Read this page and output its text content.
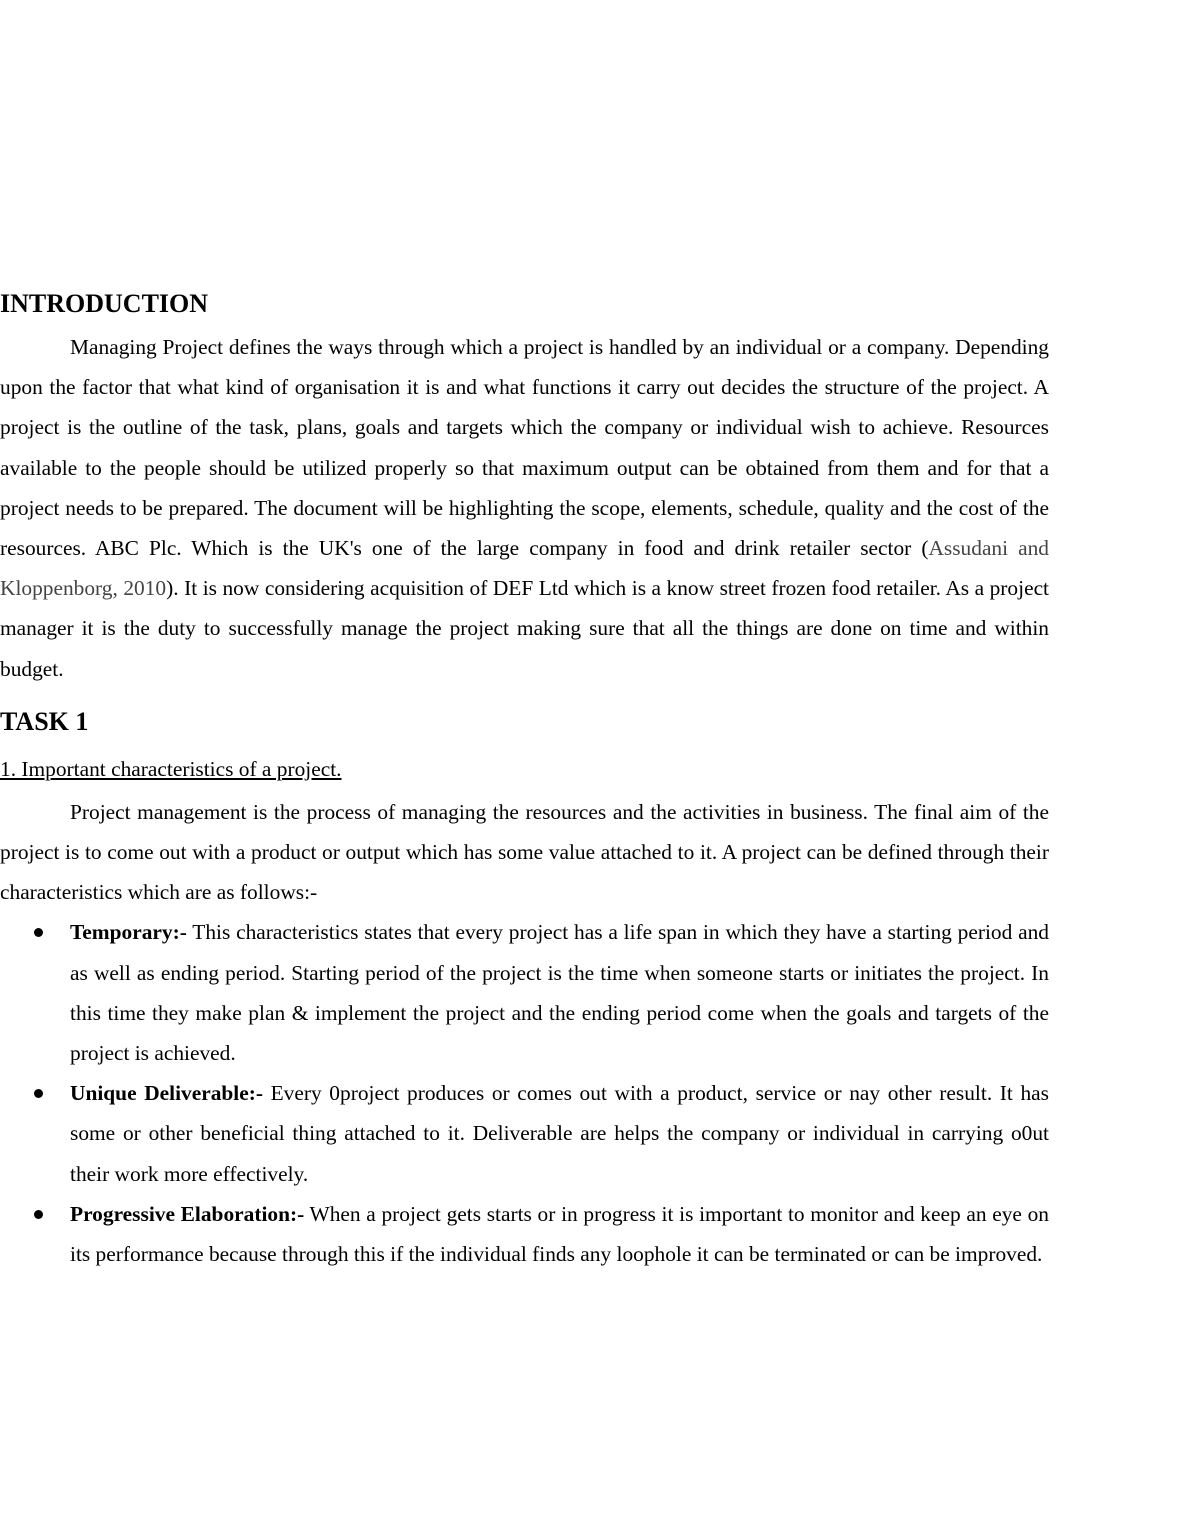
INTRODUCTION

Managing Project defines the ways through which a project is handled by an individual or a company. Depending upon the factor that what kind of organisation it is and what functions it carry out decides the structure of the project. A project is the outline of the task, plans, goals and targets which the company or individual wish to achieve. Resources available to the people should be utilized properly so that maximum output can be obtained from them and for that a project needs to be prepared. The document will be highlighting the scope, elements, schedule, quality and the cost of the resources. ABC Plc. Which is the UK's one of the large company in food and drink retailer sector (Assudani and Kloppenborg, 2010). It is now considering acquisition of DEF Ltd which is a know street frozen food retailer. As a project manager it is the duty to successfully manage the project making sure that all the things are done on time and within budget.

TASK 1

1. Important characteristics of a project.

Project management is the process of managing the resources and the activities in business. The final aim of the project is to come out with a product or output which has some value attached to it. A project can be defined through their characteristics which are as follows:-

Temporary:- This characteristics states that every project has a life span in which they have a starting period and as well as ending period. Starting period of the project is the time when someone starts or initiates the project. In this time they make plan & implement the project and the ending period come when the goals and targets of the project is achieved.
Unique Deliverable:- Every 0project produces or comes out with a product, service or nay other result. It has some or other beneficial thing attached to it. Deliverable are helps the company or individual in carrying o0ut their work more effectively.
Progressive Elaboration:- When a project gets starts or in progress it is important to monitor and keep an eye on its performance because through this if the individual finds any loophole it can be terminated or can be improved.
